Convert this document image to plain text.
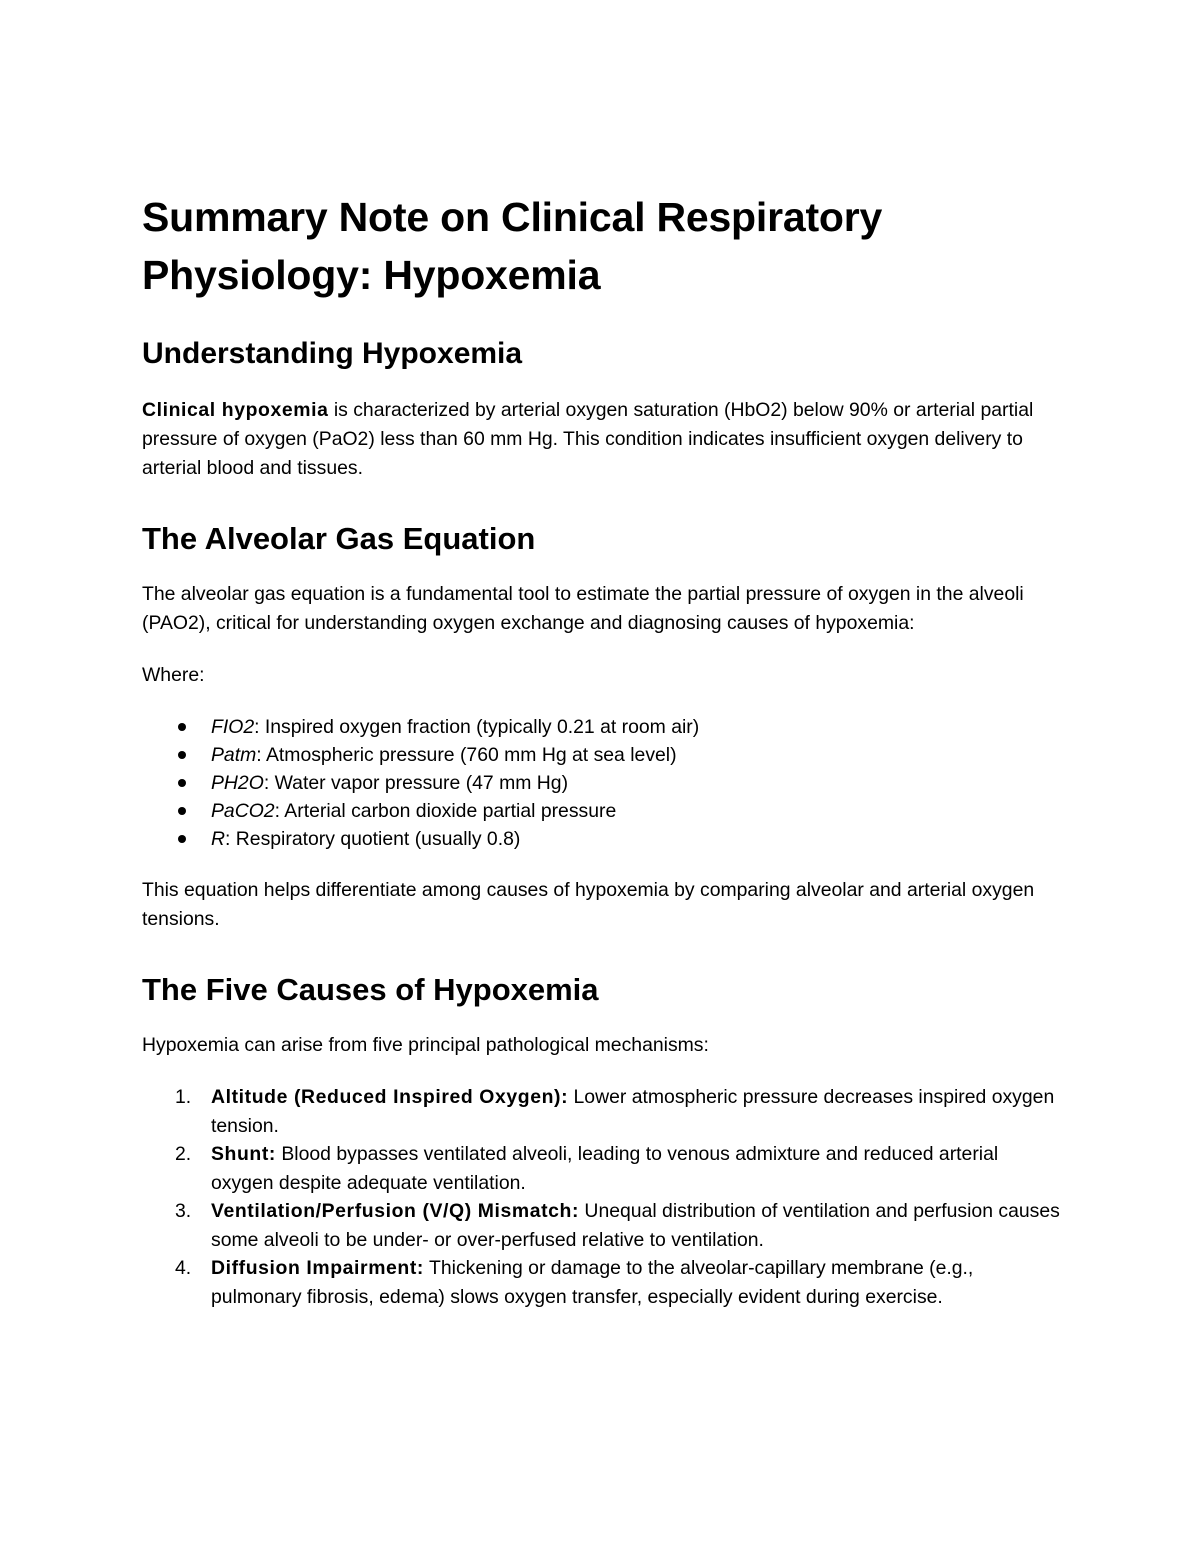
Summary Note on Clinical Respiratory Physiology: Hypoxemia
Understanding Hypoxemia

Clinical hypoxemia is characterized by arterial oxygen saturation (HbO2) below 90% or arterial partial pressure of oxygen (PaO2) less than 60 mm Hg. This condition indicates insufficient oxygen delivery to arterial blood and tissues.

The Alveolar Gas Equation

The alveolar gas equation is a fundamental tool to estimate the partial pressure of oxygen in the alveoli (PAO2), critical for understanding oxygen exchange and diagnosing causes of hypoxemia:

Where:

FIO2: Inspired oxygen fraction (typically 0.21 at room air)
Patm: Atmospheric pressure (760 mm Hg at sea level)
PH2O: Water vapor pressure (47 mm Hg)
PaCO2: Arterial carbon dioxide partial pressure
R: Respiratory quotient (usually 0.8)

This equation helps differentiate among causes of hypoxemia by comparing alveolar and arterial oxygen tensions.

The Five Causes of Hypoxemia

Hypoxemia can arise from five principal pathological mechanisms:

1. Altitude (Reduced Inspired Oxygen): Lower atmospheric pressure decreases inspired oxygen tension.
2. Shunt: Blood bypasses ventilated alveoli, leading to venous admixture and reduced arterial oxygen despite adequate ventilation.
3. Ventilation/Perfusion (V/Q) Mismatch: Unequal distribution of ventilation and perfusion causes some alveoli to be under- or over-perfused relative to ventilation.
4. Diffusion Impairment: Thickening or damage to the alveolar-capillary membrane (e.g., pulmonary fibrosis, edema) slows oxygen transfer, especially evident during exercise.
